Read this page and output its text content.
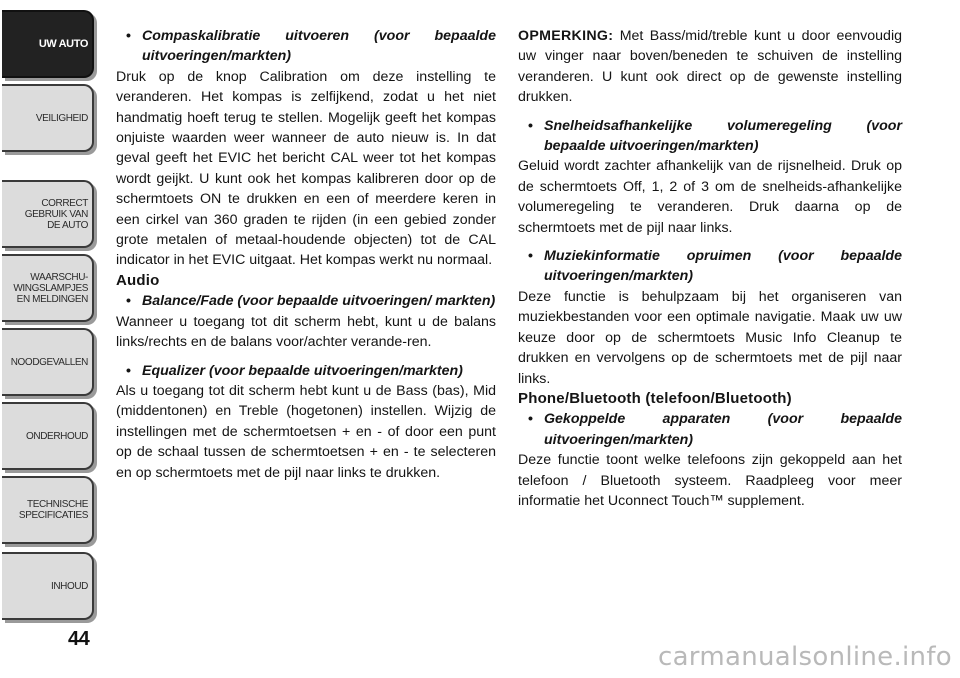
UW AUTO
VEILIGHEID
CORRECT
GEBRUIK VAN
DE AUTO
WAARSCHU-
WINGSLAMPJES
EN MELDINGEN
NOODGEVALLEN
ONDERHOUD
TECHNISCHE
SPECIFICATIES
INHOUD
44

• Compaskalibratie uitvoeren (voor bepaalde uitvoeringen/markten)

Druk op de knop Calibration om deze instelling te veranderen. Het kompas is zelfijkend, zodat u het niet handmatig hoeft terug te stellen. Mogelijk geeft het kompas onjuiste waarden weer wanneer de auto nieuw is. In dat geval geeft het EVIC het bericht CAL weer tot het kompas wordt geijkt. U kunt ook het kompas kalibreren door op de schermtoets ON te drukken en een of meerdere keren in een cirkel van 360 graden te rijden (in een gebied zonder grote metalen of metaal-houdende objecten) tot de CAL indicator in het EVIC uitgaat. Het kompas werkt nu normaal.

Audio

• Balance/Fade (voor bepaalde uitvoeringen/ markten)

Wanneer u toegang tot dit scherm hebt, kunt u de balans links/rechts en de balans voor/achter verande-ren.

• Equalizer (voor bepaalde uitvoeringen/markten)

Als u toegang tot dit scherm hebt kunt u de Bass (bas), Mid (middentonen) en Treble (hogetonen) instellen. Wijzig de instellingen met de schermtoetsen + en - of door een punt op de schaal tussen de schermtoetsen + en - te selecteren en op schermtoets met de pijl naar links te drukken.

OPMERKING: Met Bass/mid/treble kunt u door eenvoudig uw vinger naar boven/beneden te schuiven de instelling veranderen. U kunt ook direct op de gewenste instelling drukken.

• Snelheidsafhankelijke volumeregeling (voor bepaalde uitvoeringen/markten)

Geluid wordt zachter afhankelijk van de rijsnelheid. Druk op de schermtoets Off, 1, 2 of 3 om de snelheids-afhankelijke volumeregeling te veranderen. Druk daarna op de schermtoets met de pijl naar links.

• Muziekinformatie opruimen (voor bepaalde uitvoeringen/markten)

Deze functie is behulpzaam bij het organiseren van muziekbestanden voor een optimale navigatie. Maak uw uw keuze door op de schermtoets Music Info Cleanup te drukken en vervolgens op de schermtoets met de pijl naar links.

Phone/Bluetooth (telefoon/Bluetooth)

• Gekoppelde apparaten (voor bepaalde uitvoeringen/markten)

Deze functie toont welke telefoons zijn gekoppeld aan het telefoon / Bluetooth systeem. Raadpleeg voor meer informatie het Uconnect Touch™ supplement.

carmanualsonline.info
